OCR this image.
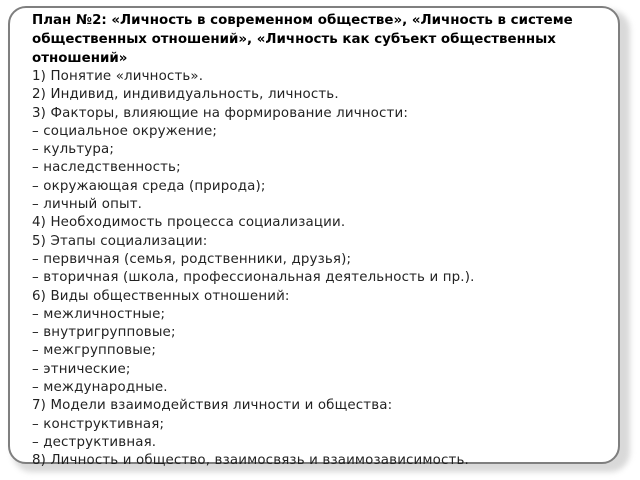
План №2: «Личность в современном обществе», «Личность в системе общественных отношений», «Личность как субъект общественных отношений»

1) Понятие «личность».
2) Индивид, индивидуальность, личность.
3) Факторы, влияющие на формирование личности:
– социальное окружение;
– культура;
– наследственность;
– окружающая среда (природа);
– личный опыт.
4) Необходимость процесса социализации.
5) Этапы социализации:
– первичная (семья, родственники, друзья);
– вторичная (школа, профессиональная деятельность и пр.).
6) Виды общественных отношений:
– межличностные;
– внутригрупповые;
– межгрупповые;
– этнические;
– международные.
7) Модели взаимодействия личности и общества:
– конструктивная;
– деструктивная.
8) Личность и общество, взаимосвязь и взаимозависимость.
